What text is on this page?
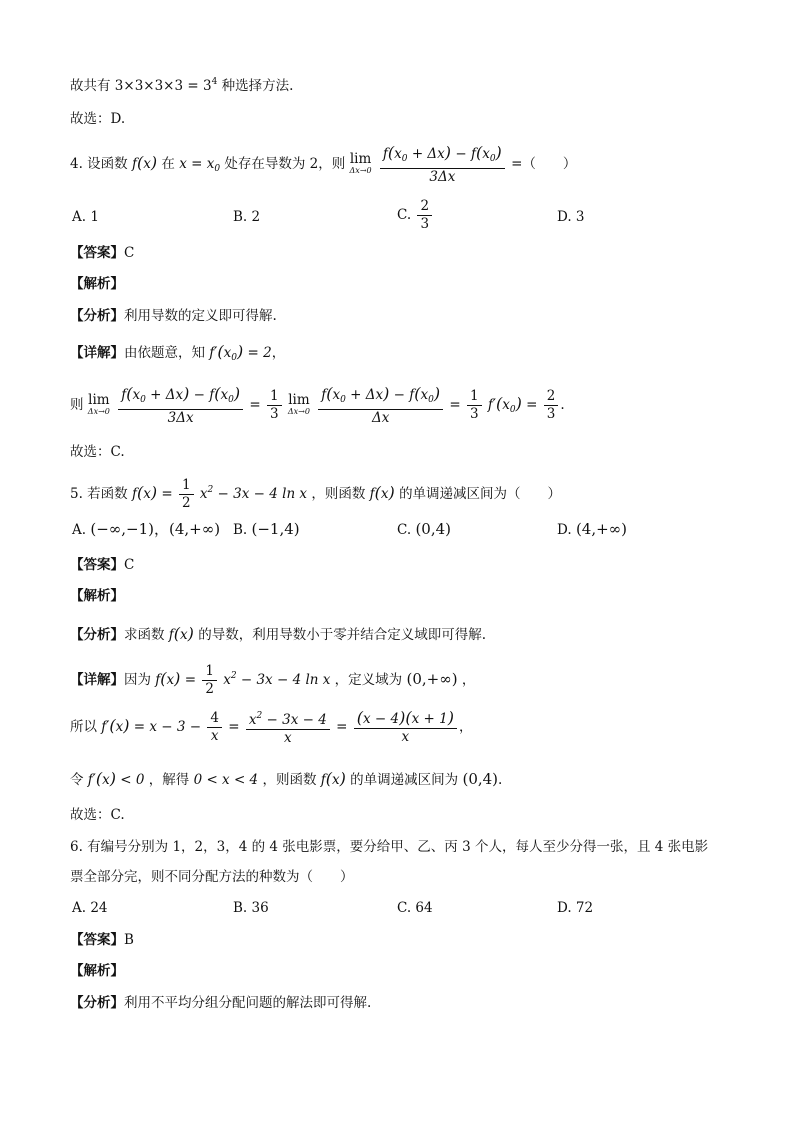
故共有 $3\times 3\times 3\times 3 = 3^4$ 种选择方法.
故选：D.
4. 设函数 f(x) 在 $x = x_0$ 处存在导数为 2，则 lim
Δx→0
$\frac{f(x_0 + \Delta x) - f(x_0)}{3\Delta x}$ =（　　）
A. 1	B. 2	C. $\frac{2}{3}$	D. 3
【答案】C
【解析】
【分析】利用导数的定义即可得解.
【详解】由依题意，知 $f'(x_0) = 2$，
则 lim
Δx→0
$\frac{f(x_0 + \Delta x) - f(x_0)}{3\Delta x} = \frac{1}{3}$
lim
Δx→0
$\frac{f(x_0 + \Delta x) - f(x_0)}{\Delta x} = \frac{1}{3} f'(x_0) = \frac{2}{3}$ .
故选：C.
5. 若函数 $f(x) = \frac{1}{2} x^2 - 3x - 4$ ln x ，则函数 f(x) 的单调递减区间为（　　）
A. (−∞,−1)，(4,+∞) B. (−1,4)	C. (0,4)	D. (4,+∞)
【答案】C
【解析】
【分析】求函数 f(x) 的导数，利用导数小于零并结合定义域即可得解.
【详解】因为 $f(x) = \frac{1}{2} x^2 - 3x - 4$ ln x ，定义域为 (0,+∞) ，
所以 $f'(x) = x - 3 - \frac{4}{x} = \frac{x^2 - 3x - 4}{x} = \frac{(x - 4)(x + 1)}{x}$ ，
令 f′(x) < 0 ，解得 0 < x < 4 ，则函数 f(x) 的单调递减区间为 (0,4).
故选：C.
6. 有编号分别为 1，2，3，4 的 4 张电影票，要分给甲、乙、丙 3 个人，每人至少分得一张，且 4 张电影
票全部分完，则不同分配方法的种数为（　　）
A. 24	B. 36	C. 64	D. 72
【答案】B
【解析】
【分析】利用不平均分组分配问题的解法即可得解.
